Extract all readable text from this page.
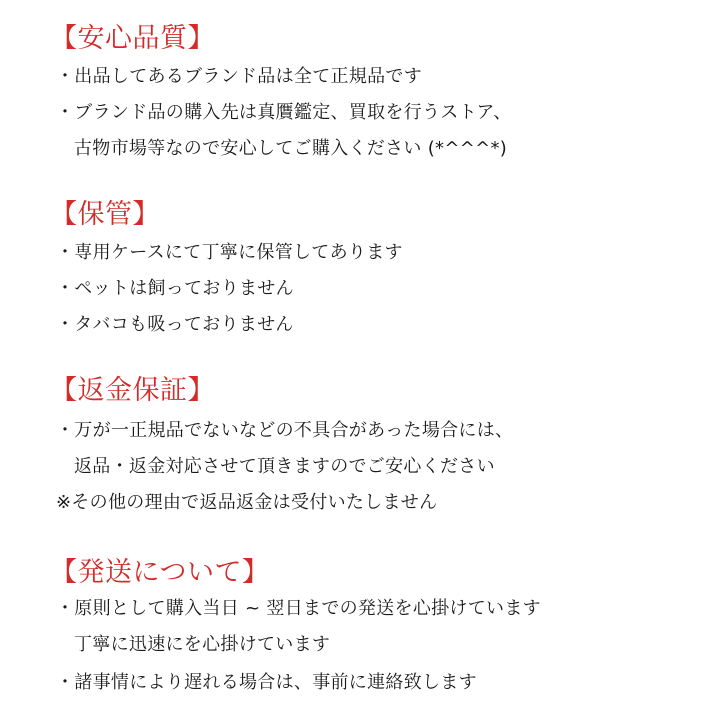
【安心品質】
・出品してあるブランド品は全て正規品です
・ブランド品の購入先は真贋鑑定、買取を行うストア、
古物市場等なので安心してご購入ください (*^^^*)
【保管】
・専用ケースにて丁寧に保管してあります
・ペットは飼っておりません
・タバコも吸っておりません
【返金保証】
・万が一正規品でないなどの不具合があった場合には、
返品・返金対応させて頂きますのでご安心ください
※その他の理由で返品返金は受付いたしません
【発送について】
・原則として購入当日 ~ 翌日までの発送を心掛けています
丁寧に迅速にを心掛けています
・諸事情により遅れる場合は、事前に連絡致します
